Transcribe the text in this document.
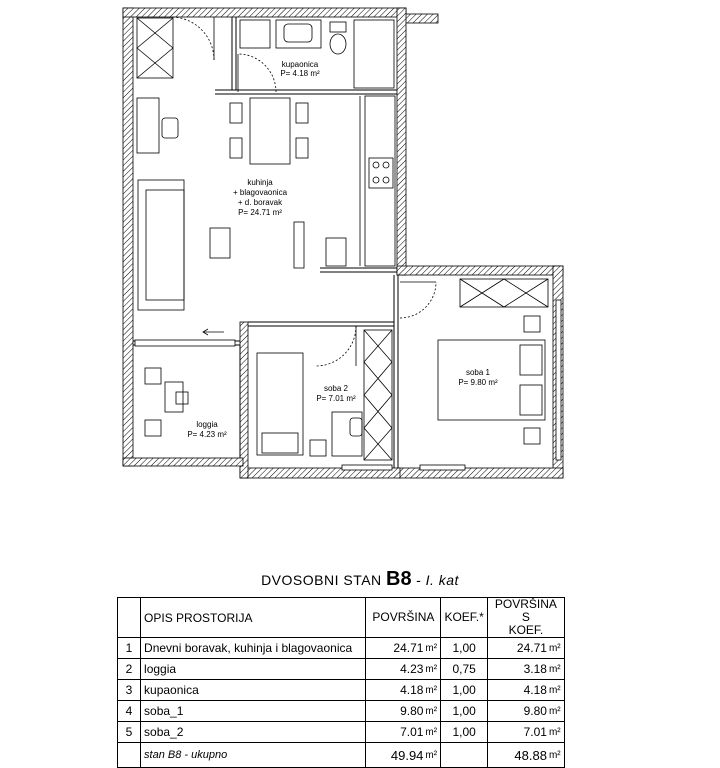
kupaonica
P= 4.18 m²
kuhinja
+ blagovaonica
+ d. boravak
P= 24.71 m²
soba 1
P= 9.80 m²
soba 2
P= 7.01 m²
loggia
P= 4.23 m²
DVOSOBNI STAN B8 - I. kat
	OPIS PROSTORIJA	POVRŠINA		KOEF.*	POVRŠINA S
KOEF.	

1	Dnevni boravak, kuhinja i blagovaonica	24.71	m²	1,00	24.71	m²
2	loggia	4.23	m²	0,75	3.18	m²
3	kupaonica	4.18	m²	1,00	4.18	m²
4	soba_1	9.80	m²	1,00	9.80	m²
5	soba_2	7.01	m²	1,00	7.01	m²
	stan B8 - ukupno	49.94	m²		48.88	m²
